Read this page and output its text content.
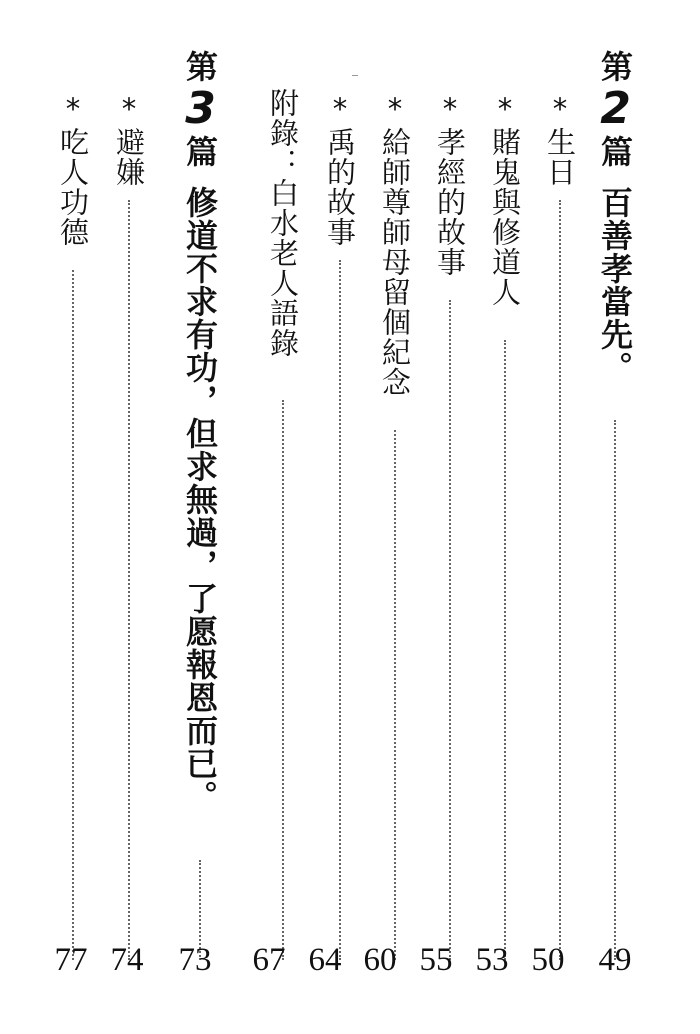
第2篇百善孝當先。
49
*生日
50
*賭鬼與修道人
53
*孝經的故事
55
*給師尊師母留個紀念
60
*禹的故事
64
附錄：白水老人語錄
67
第3篇修道不求有功，但求無過，了愿報恩而已。
73
*避嫌
74
*吃人功德
77
